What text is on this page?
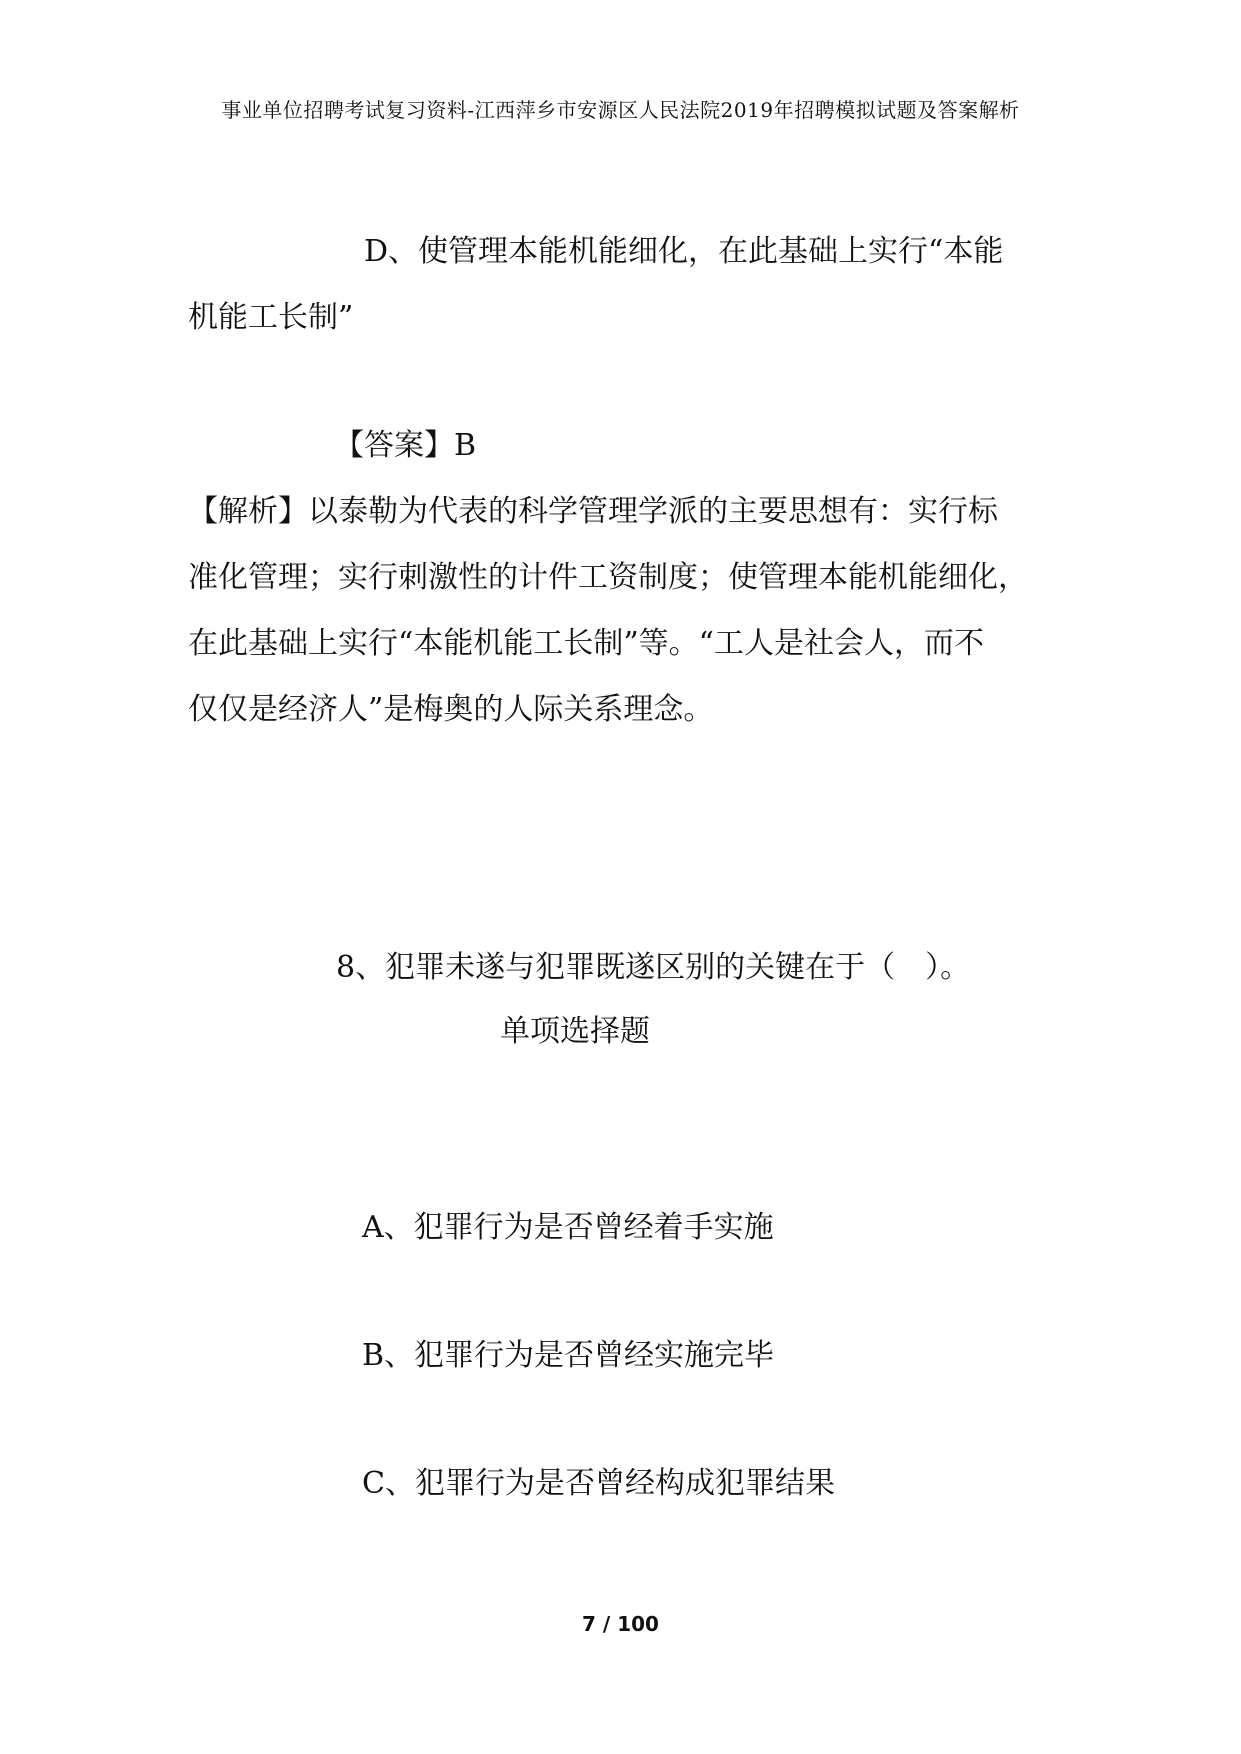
事业单位招聘考试复习资料-江西萍乡市安源区人民法院2019年招聘模拟试题及答案解析
D、使管理本能机能细化，在此基础上实行“本能
机能工长制”
【答案】B
【解析】以泰勒为代表的科学管理学派的主要思想有：实行标
准化管理；实行刺激性的计件工资制度；使管理本能机能细化，
在此基础上实行“本能机能工长制”等。“工人是社会人，而不
仅仅是经济人”是梅奥的人际关系理念。
8、犯罪未遂与犯罪既遂区别的关键在于（　）。
单项选择题
A、犯罪行为是否曾经着手实施
B、犯罪行为是否曾经实施完毕
C、犯罪行为是否曾经构成犯罪结果
7 / 100
